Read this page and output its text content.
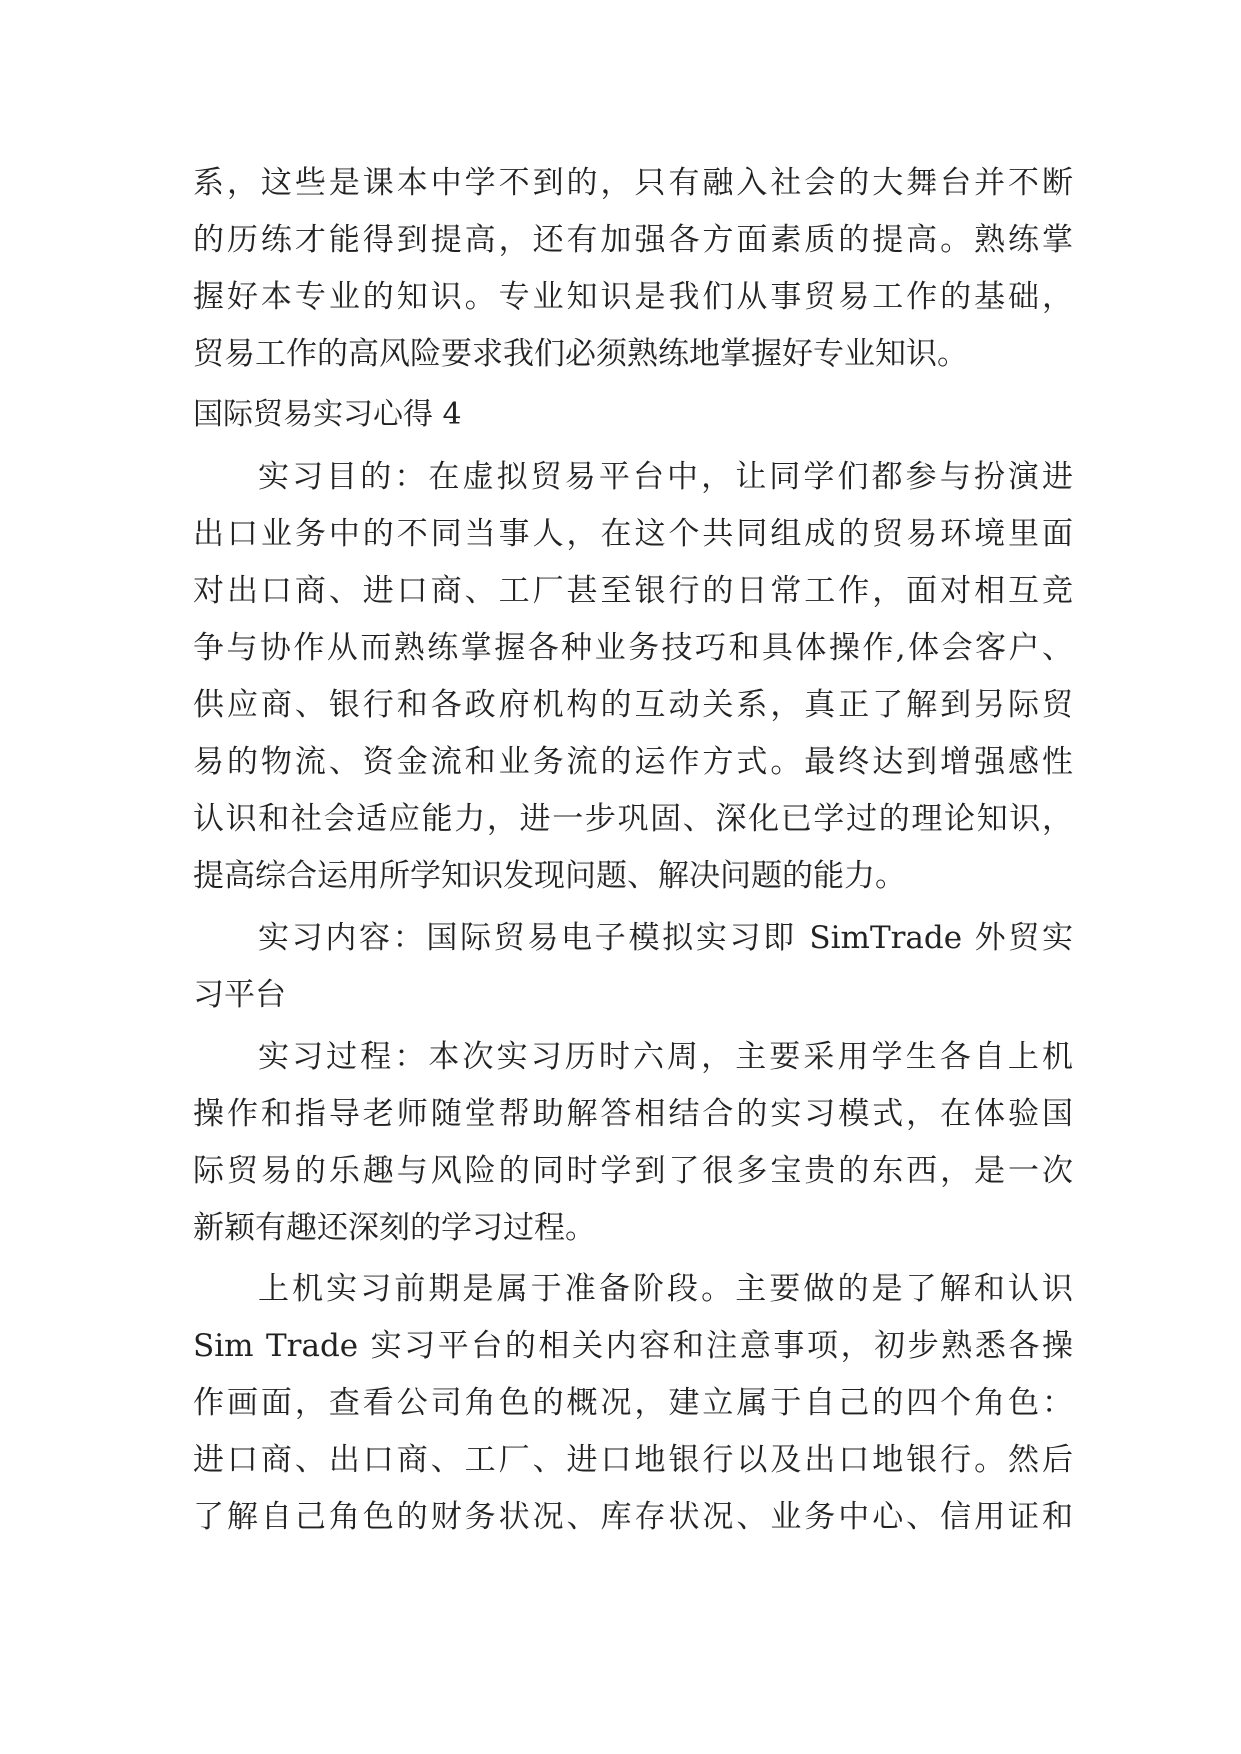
系，这些是课本中学不到的，只有融入社会的大舞台并不断
的历练才能得到提高，还有加强各方面素质的提高。熟练掌
握好本专业的知识。专业知识是我们从事贸易工作的基础，
贸易工作的高风险要求我们必须熟练地掌握好专业知识。
国际贸易实习心得 4
实习目的：在虚拟贸易平台中，让同学们都参与扮演进
出口业务中的不同当事人，在这个共同组成的贸易环境里面
对出口商、进口商、工厂甚至银行的日常工作，面对相互竞
争与协作从而熟练掌握各种业务技巧和具体操作,体会客户、
供应商、银行和各政府机构的互动关系，真正了解到另际贸
易的物流、资金流和业务流的运作方式。最终达到增强感性
认识和社会适应能力，进一步巩固、深化已学过的理论知识，
提高综合运用所学知识发现问题、解决问题的能力。
实习内容：国际贸易电子模拟实习即 SimTrade 外贸实
习平台
实习过程：本次实习历时六周，主要采用学生各自上机
操作和指导老师随堂帮助解答相结合的实习模式，在体验国
际贸易的乐趣与风险的同时学到了很多宝贵的东西，是一次
新颖有趣还深刻的学习过程。
上机实习前期是属于准备阶段。主要做的是了解和认识
Sim Trade 实习平台的相关内容和注意事项，初步熟悉各操
作画面，查看公司角色的概况，建立属于自己的四个角色：
进口商、出口商、工厂、进口地银行以及出口地银行。然后
了解自己角色的财务状况、库存状况、业务中心、信用证和
